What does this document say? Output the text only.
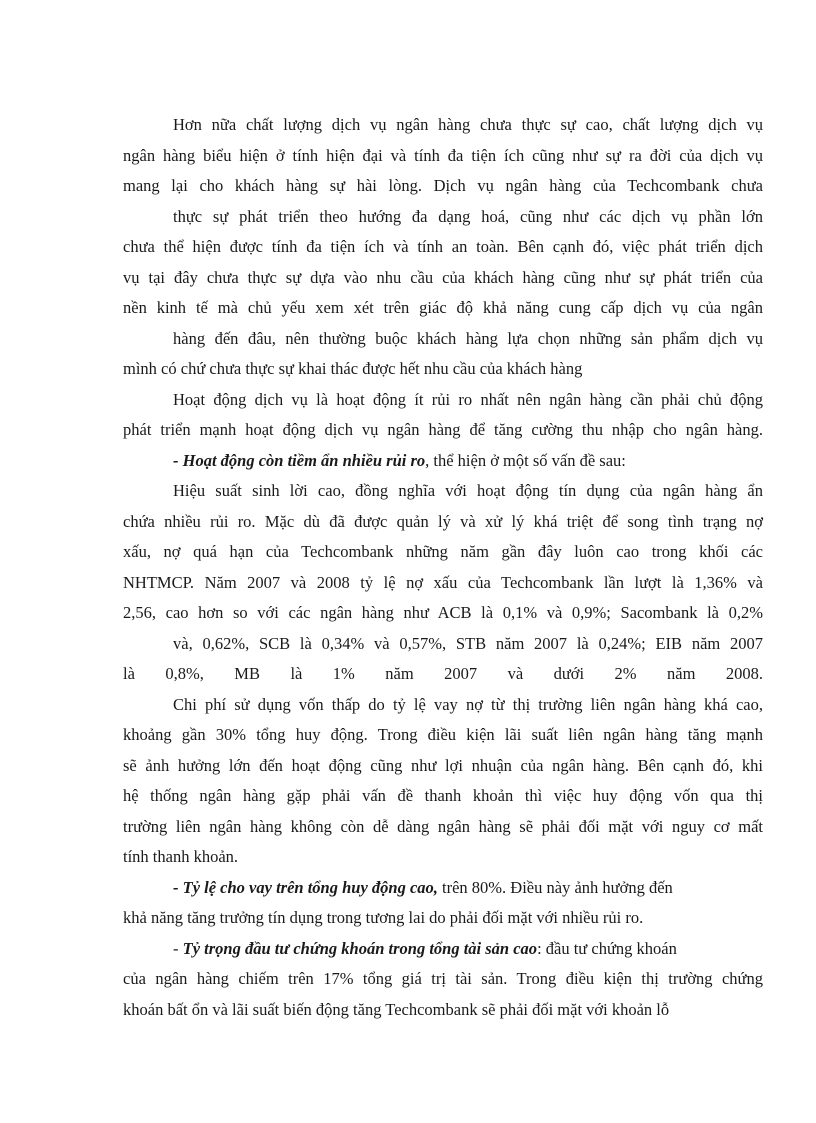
Hơn nữa chất lượng dịch vụ ngân hàng chưa thực sự cao, chất lượng dịch vụ
ngân hàng biểu hiện ở tính hiện đại và tính đa tiện ích cũng như sự ra đời của dịch vụ
mang lại cho khách hàng sự hài lòng. Dịch vụ ngân hàng của Techcombank chưa
thực sự phát triển theo hướng đa dạng hoá, cũng như các dịch vụ phần lớn
chưa thể hiện được tính đa tiện ích và tính an toàn. Bên cạnh đó, việc phát triển dịch
vụ tại đây chưa thực sự dựa vào nhu cầu của khách hàng cũng như sự phát triển của
nền kinh tế mà chủ yếu xem xét trên giác độ khả năng cung cấp dịch vụ của ngân
hàng đến đâu, nên thường buộc khách hàng lựa chọn những sản phẩm dịch vụ
mình có chứ chưa thực sự khai thác được hết nhu cầu của khách hàng
Hoạt động dịch vụ là hoạt động ít rủi ro nhất nên ngân hàng cần phải chủ động
phát triển mạnh hoạt động dịch vụ ngân hàng để tăng cường thu nhập cho ngân hàng.
- Hoạt động còn tiềm ẩn nhiều rủi ro, thể hiện ở một số vấn đề sau:
Hiệu suất sinh lời cao, đồng nghĩa với hoạt động tín dụng của ngân hàng ẩn
chứa nhiều rủi ro. Mặc dù đã được quản lý và xử lý khá triệt để song tình trạng nợ
xấu, nợ quá hạn của Techcombank những năm gần đây luôn cao trong khối các
NHTMCP. Năm 2007 và 2008 tỷ lệ nợ xấu của Techcombank lần lượt là 1,36% và
2,56, cao hơn so với các ngân hàng như ACB là 0,1% và 0,9%; Sacombank là 0,2%
và, 0,62%, SCB là 0,34% và 0,57%, STB năm 2007 là 0,24%; EIB năm 2007
là 0,8%, MB là 1% năm 2007 và dưới 2% năm 2008.
Chi phí sử dụng vốn thấp do tỷ lệ vay nợ từ thị trường liên ngân hàng khá cao,
khoảng gần 30% tổng huy động. Trong điều kiện lãi suất liên ngân hàng tăng mạnh
sẽ ảnh hưởng lớn đến hoạt động cũng như lợi nhuận của ngân hàng. Bên cạnh đó, khi
hệ thống ngân hàng gặp phải vấn đề thanh khoản thì việc huy động vốn qua thị
trường liên ngân hàng không còn dễ dàng ngân hàng sẽ phải đối mặt với nguy cơ mất
tính thanh khoản.
- Tỷ lệ cho vay trên tổng huy động cao, trên 80%. Điều này ảnh hưởng đến
khả năng tăng trưởng tín dụng trong tương lai do phải đối mặt với nhiều rủi ro.
- Tỷ trọng đầu tư chứng khoán trong tổng tài sản cao: đầu tư chứng khoán
của ngân hàng chiếm trên 17% tổng giá trị tài sản. Trong điều kiện thị trường chứng
khoán bất ổn và lãi suất biến động tăng Techcombank sẽ phải đối mặt với khoản lỗ
